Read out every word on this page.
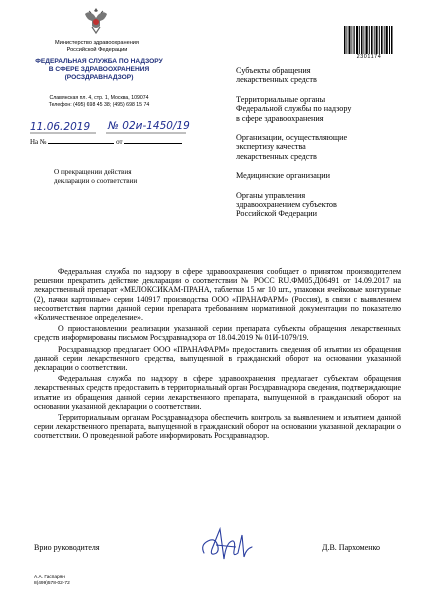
Министерство здравоохранения
Российской Федерации
ФЕДЕРАЛЬНАЯ СЛУЖБА ПО НАДЗОРУ
В СФЕРЕ ЗДРАВООХРАНЕНИЯ
(РОСЗДРАВНАДЗОР)
Славянская пл. 4, стр. 1, Москва, 109074
Телефон: (495) 698 45 38; (495) 698 15 74
11.06.2019 № 02и-1450/19
На №	от
О прекращении действия
декларации о соответствии
2301174
Субъекты обращения
лекарственных средств
Территориальные органы
Федеральной службы по надзору
в сфере здравоохранения
Организации, осуществляющие
экспертизу качества
лекарственных средств
Медицинские организации
Органы управления
здравоохранением субъектов
Российской Федерации

Федеральная служба по надзору в сфере здравоохранения сообщает о принятом производителем решении прекратить действие декларации о соответствии № РОСС RU.ФМ05.Д06491 от 14.09.2017 на лекарственный препарат «МЕЛОКСИКАМ-ПРАНА, таблетки 15 мг 10 шт., упаковки ячейковые контурные (2), пачки картонные» серии 140917 производства ООО «ПРАНАФАРМ» (Россия), в связи с выявлением несоответствия партии данной серии препарата требованиям нормативной документации по показателю «Количественное определение».

О приостановлении реализации указанной серии препарата субъекты обращения лекарственных средств информированы письмом Росздравнадзора от 18.04.2019 № 01И-1079/19.

Росздравнадзор предлагает ООО «ПРАНАФАРМ» предоставить сведения об изъятии из обращения данной серии лекарственного средства, выпущенной в гражданский оборот на основании указанной декларации о соответствии.

Федеральная служба по надзору в сфере здравоохранения предлагает субъектам обращения лекарственных средств предоставить в территориальный орган Росздравнадзора сведения, подтверждающие изъятие из обращения данной серии лекарственного препарата, выпущенной в гражданский оборот на основании указанной декларации о соответствии.

Территориальным органам Росздравнадзора обеспечить контроль за выявлением и изъятием данной серии лекарственного препарата, выпущенной в гражданский оборот на основании указанной декларации о соответствии. О проведенной работе информировать Росздравнадзор.

Врио руководителя	Д.В. Пархоменко
А.А. Гаспарян
8(499)578-02-72
